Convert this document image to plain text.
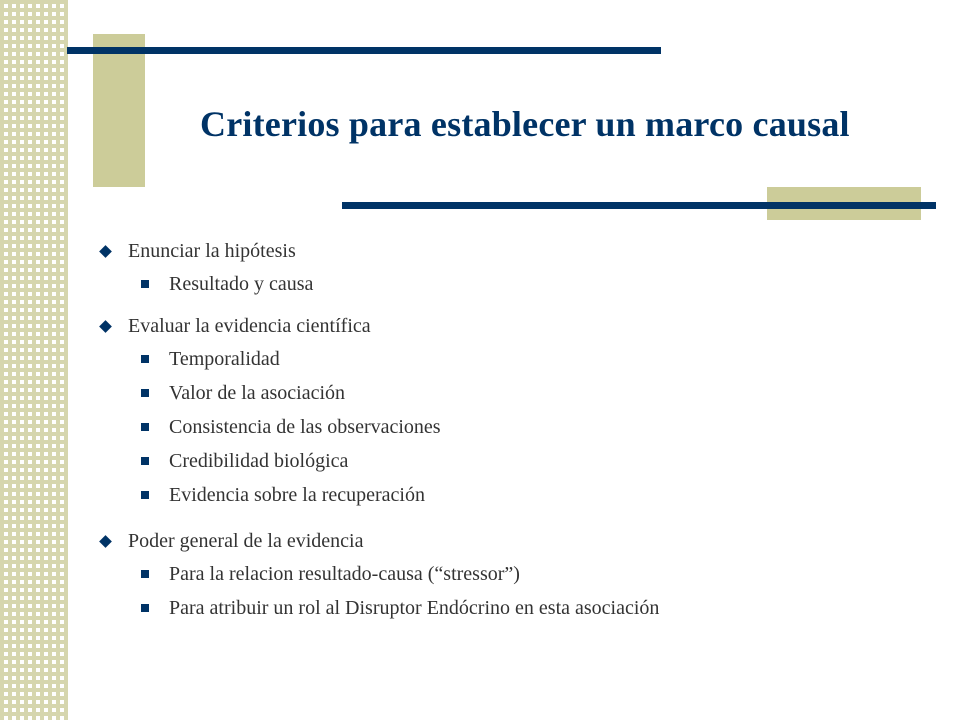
Criterios para establecer un marco causal
Enunciar la hipótesis
Resultado y causa
Evaluar la evidencia científica
Temporalidad
Valor de la asociación
Consistencia de las observaciones
Credibilidad biológica
Evidencia sobre la recuperación
Poder general de la evidencia
Para la relacion resultado-causa (“stressor”)
Para atribuir un rol al Disruptor Endócrino en esta asociación
